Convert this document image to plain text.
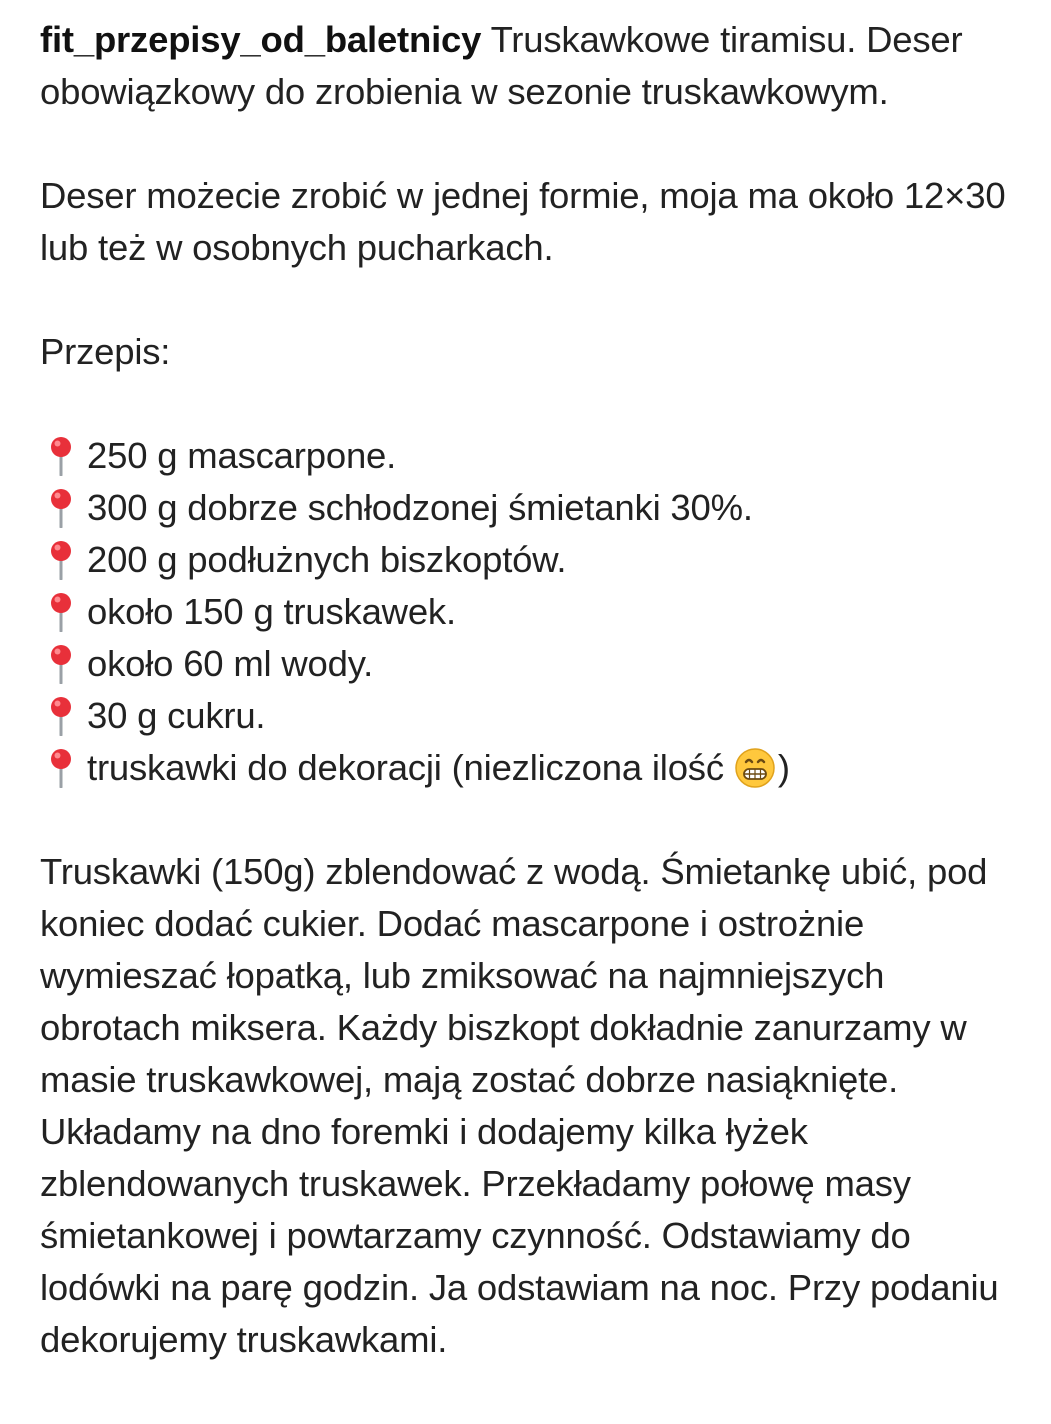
fit_przepisy_od_baletnicy Truskawkowe tiramisu. Deser obowiązkowy do zrobienia w sezonie truskawkowym.

Deser możecie zrobić w jednej formie, moja ma około 12×30 lub też w osobnych pucharkach.

Przepis:

250 g mascarpone.
300 g dobrze schłodzonej śmietanki 30%.
200 g podłużnych biszkoptów.
około 150 g truskawek.
około 60 ml wody.
30 g cukru.
truskawki do dekoracji (niezliczona ilość )

Truskawki (150g) zblendować z wodą. Śmietankę ubić, pod koniec dodać cukier. Dodać mascarpone i ostrożnie wymieszać łopatką, lub zmiksować na najmniejszych obrotach miksera. Każdy biszkopt dokładnie zanurzamy w masie truskawkowej, mają zostać dobrze nasiąknięte. Układamy na dno foremki i dodajemy kilka łyżek zblendowanych truskawek. Przekładamy połowę masy śmietankowej i powtarzamy czynność. Odstawiamy do lodówki na parę godzin. Ja odstawiam na noc. Przy podaniu dekorujemy truskawkami.
